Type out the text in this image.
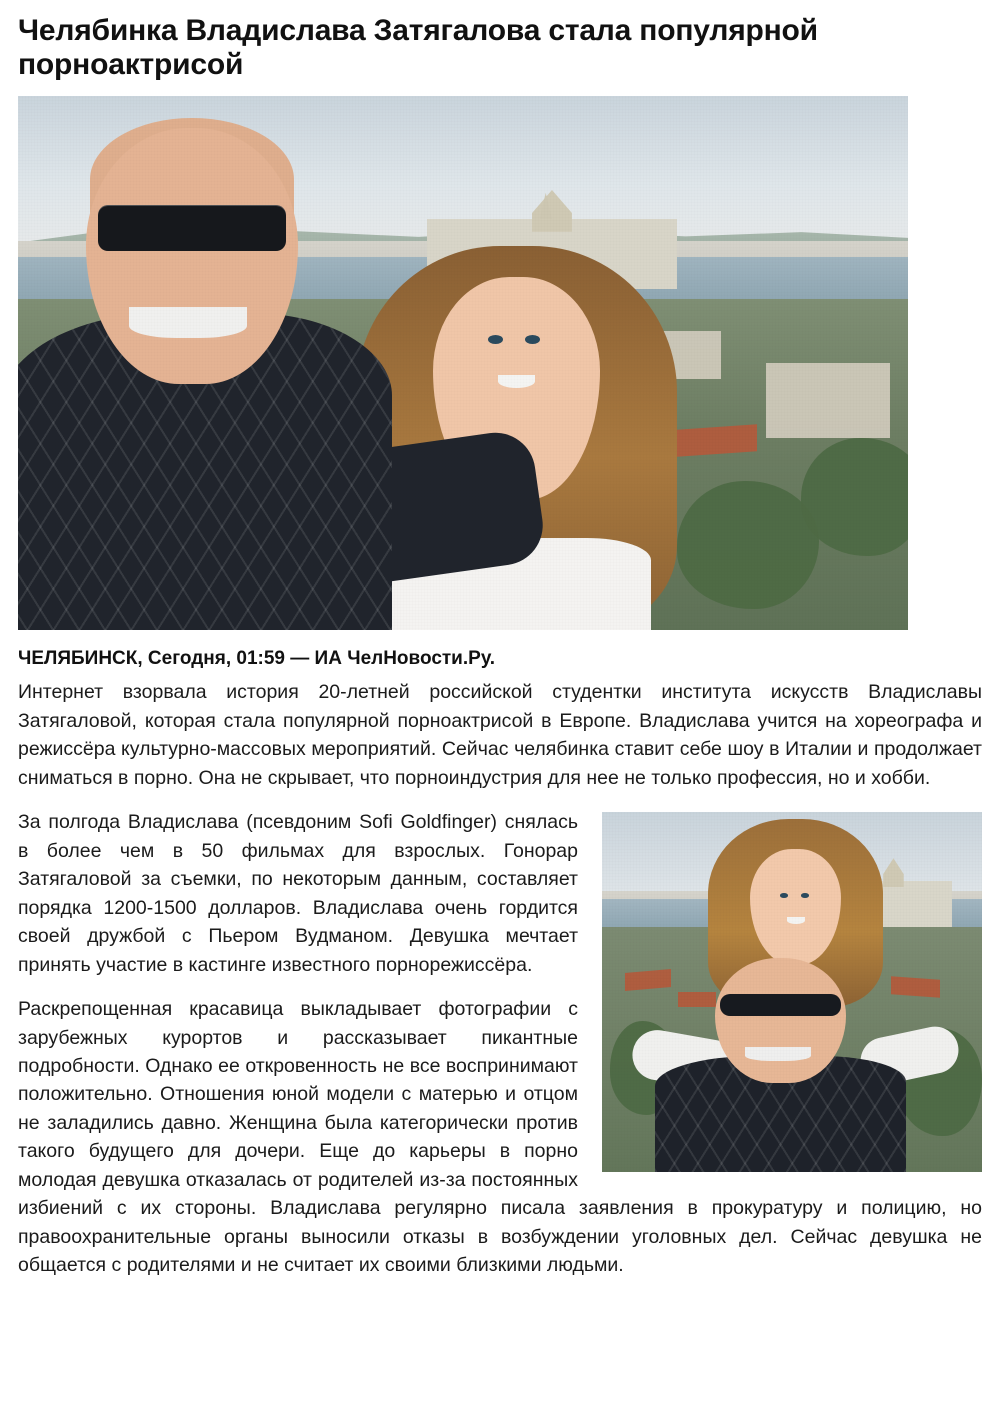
Челябинка Владислава Затягалова стала популярной порноактрисой
ЧЕЛЯБИНСК, Сегодня, 01:59 — ИА ЧелНовости.Ру.

Интернет взорвала история 20-летней российской студентки института искусств Владиславы Затягаловой, которая стала популярной порноактрисой в Европе. Владислава учится на хореографа и режиссёра культурно-массовых мероприятий. Сейчас челябинка ставит себе шоу в Италии и продолжает сниматься в порно. Она не скрывает, что порноиндустрия для нее не только профессия, но и хобби.

За полгода Владислава (псевдоним Sofi Goldfinger) снялась в более чем в 50 фильмах для взрослых. Гонорар Затягаловой за съемки, по некоторым данным, составляет порядка 1200-1500 долларов. Владислава очень гордится своей дружбой с Пьером Вудманом. Девушка мечтает принять участие в кастинге известного порнорежиссёра.

Раскрепощенная красавица выкладывает фотографии с зарубежных курортов и рассказывает пикантные подробности. Однако ее откровенность не все воспринимают положительно. Отношения юной модели с матерью и отцом не заладились давно. Женщина была категорически против такого будущего для дочери. Еще до карьеры в порно молодая девушка отказалась от родителей из-за постоянных избиений с их стороны. Владислава регулярно писала заявления в прокуратуру и полицию, но правоохранительные органы выносили отказы в возбуждении уголовных дел. Сейчас девушка не общается с родителями и не считает их своими близкими людьми.
